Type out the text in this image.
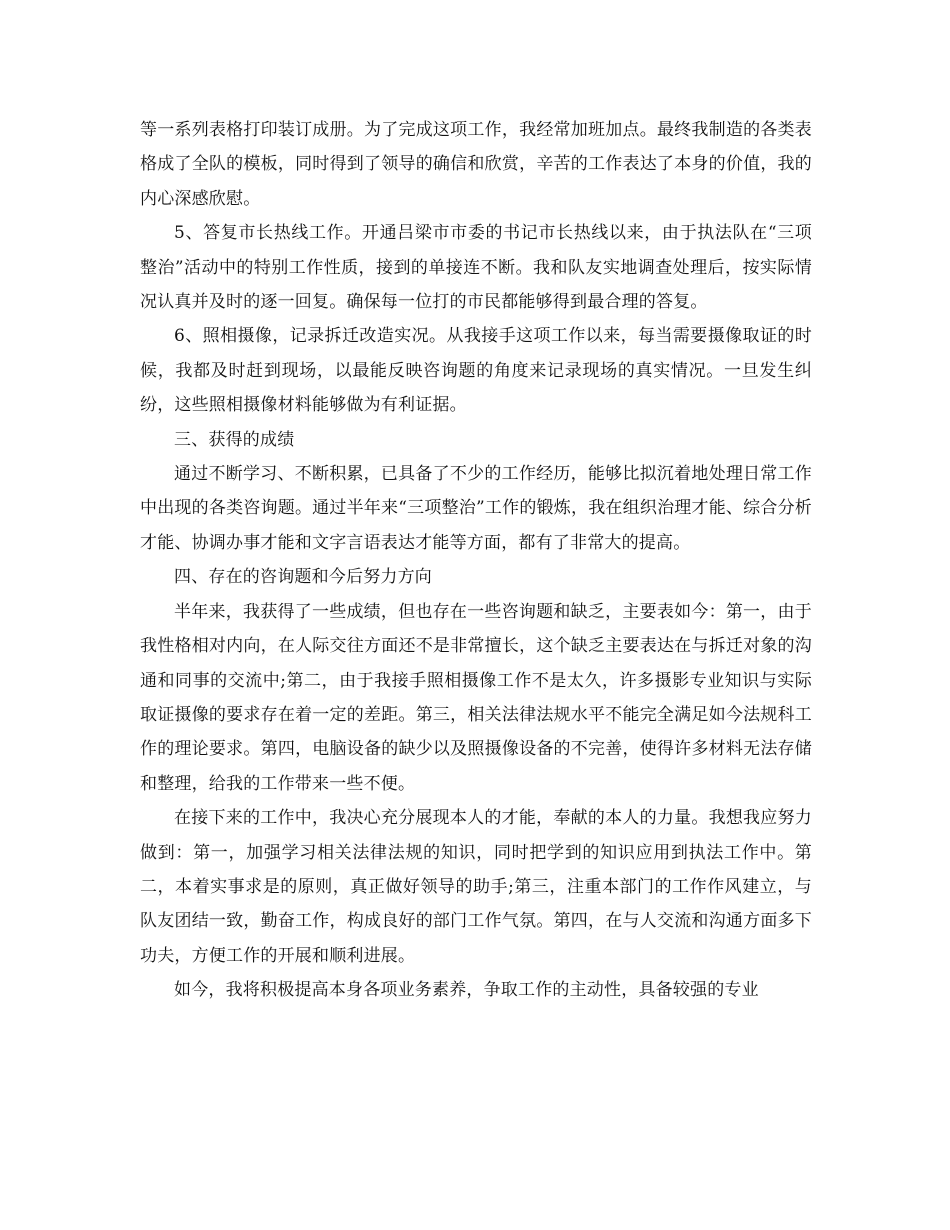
等一系列表格打印装订成册。为了完成这项工作，我经常加班加点。最终我制造的各类表格成了全队的模板，同时得到了领导的确信和欣赏，辛苦的工作表达了本身的价值，我的内心深感欣慰。

5、答复市长热线工作。开通吕梁市市委的书记市长热线以来，由于执法队在“三项整治”活动中的特别工作性质，接到的单接连不断。我和队友实地调查处理后，按实际情况认真并及时的逐一回复。确保每一位打的市民都能够得到最合理的答复。

6、照相摄像，记录拆迁改造实况。从我接手这项工作以来，每当需要摄像取证的时候，我都及时赶到现场，以最能反映咨询题的角度来记录现场的真实情况。一旦发生纠纷，这些照相摄像材料能够做为有利证据。

三、获得的成绩

通过不断学习、不断积累，已具备了不少的工作经历，能够比拟沉着地处理日常工作中出现的各类咨询题。通过半年来“三项整治”工作的锻炼，我在组织治理才能、综合分析才能、协调办事才能和文字言语表达才能等方面，都有了非常大的提高。

四、存在的咨询题和今后努力方向

半年来，我获得了一些成绩，但也存在一些咨询题和缺乏，主要表如今：第一，由于我性格相对内向，在人际交往方面还不是非常擅长，这个缺乏主要表达在与拆迁对象的沟通和同事的交流中;第二，由于我接手照相摄像工作不是太久，许多摄影专业知识与实际取证摄像的要求存在着一定的差距。第三，相关法律法规水平不能完全满足如今法规科工作的理论要求。第四，电脑设备的缺少以及照摄像设备的不完善，使得许多材料无法存储和整理，给我的工作带来一些不便。

在接下来的工作中，我决心充分展现本人的才能，奉献的本人的力量。我想我应努力做到：第一，加强学习相关法律法规的知识，同时把学到的知识应用到执法工作中。第二，本着实事求是的原则，真正做好领导的助手;第三，注重本部门的工作作风建立，与队友团结一致，勤奋工作，构成良好的部门工作气氛。第四，在与人交流和沟通方面多下功夫，方便工作的开展和顺利进展。

如今，我将积极提高本身各项业务素养，争取工作的主动性，具备较强的专业
